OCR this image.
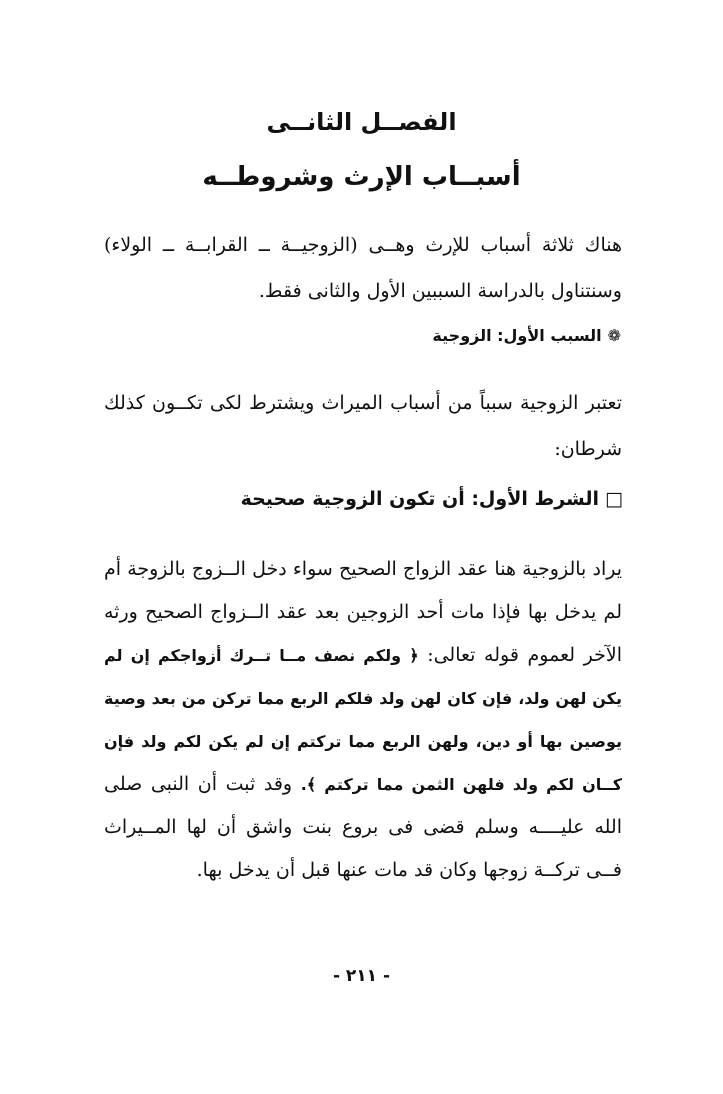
الفصــل الثانــى
أسبــاب الإرث وشروطــه

هناك ثلاثة أسباب للإرث وهــى (الزوجيــة ــ القرابــة ــ الولاء) وسنتناول بالدراسة السببين الأول والثانى فقط.

❁السبب الأول: الزوجية

تعتبر الزوجية سبباً من أسباب الميراث ويشترط لكى تكــون كذلك شرطان:

□الشرط الأول: أن تكون الزوجية صحيحة

يراد بالزوجية هنا عقد الزواج الصحيح سواء دخل الــزوج بالزوجة أم لم يدخل بها فإذا مات أحد الزوجين بعد عقد الــزواج الصحيح ورثه الآخر لعموم قوله تعالى: ﴿ ولكم نصف مــا تــرك أزواجكم إن لم يكن لهن ولد، فإن كان لهن ولد فلكم الربع مما تركن من بعد وصية يوصين بها أو دين، ولهن الربع مما تركتم إن لم يكن لكم ولد فإن كــان لكم ولد فلهن الثمن مما تركتم ﴾. وقد ثبت أن النبى صلى الله عليــــه وسلم قضى فى بروع بنت واشق أن لها المــيراث فــى تركــة زوجها وكان قد مات عنها قبل أن يدخل بها.

- ٢١١ -
